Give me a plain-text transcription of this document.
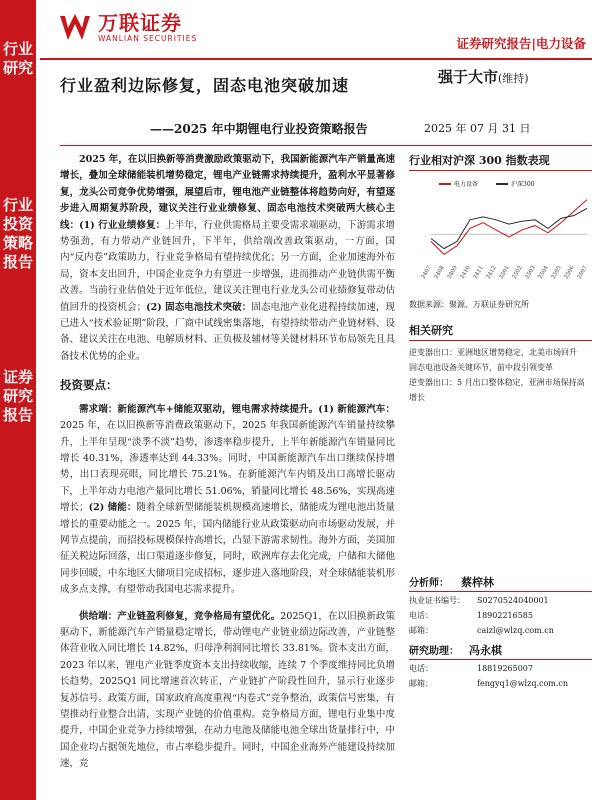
行业研究
行业投资策略报告
证券研究报告
万联证券
WANLIAN SECURITIES	证券研究报告|电力设备
行业盈利边际修复，固态电池突破加速
——2025 年中期锂电行业投资策略报告
强于大市(维持)
2025 年 07 月 31 日

2025 年，在以旧换新等消费激励政策驱动下，我国新能源汽车产销量高速增长，叠加全球储能装机增势稳定，锂电产业链需求持续提升，盈利水平显著修复，龙头公司竞争优势增强，展望后市，锂电池产业链整体将趋势向好，有望逐步进入周期复苏阶段，建议关注行业业绩修复、固态电池技术突破两大核心主线：(1) 行业业绩修复：上半年，行业供需格局主要受需求端驱动，下游需求增势强劲，有力带动产业链回升，下半年，供给端改善政策驱动，一方面，国内“反内卷”政策助力，行业竞争格局有望持续优化；另一方面，企业加速海外布局，资本支出回升，中国企业竞争力有望进一步增强，进而推动产业链供需平衡改善。当前行业估值处于近年低位，建议关注锂电行业龙头公司业绩修复带动估值回升的投资机会；(2) 固态电池技术突破：固态电池产业化进程持续加速，现已进入“技术验证期”阶段，厂商中试线密集落地，有望持续带动产业链材料、设备、建议关注在电池、电解质材料、正负极及辅材等关键材料环节布局领先且具备技术优势的企业。

投资要点：

需求端：新能源汽车+储能双驱动，锂电需求持续提升。(1) 新能源汽车：2025 年，在以旧换新等消费政策驱动下，2025 年我国新能源汽车销量持续攀升，上半年呈现“淡季不淡”趋势，渗透率稳步提升，上半年新能源汽车销量同比增长 40.31%，渗透率达到 44.33%。同时，中国新能源汽车出口继续保持增势，出口表现亮眼，同比增长 75.21%。在新能源汽车内销及出口高增长驱动下，上半年动力电池产量同比增长 51.06%，销量同比增长 48.56%，实现高速增长；(2) 储能：随着全球新型储能装机规模高速增长，储能成为锂电池出货量增长的重要动能之一。2025 年，国内储能行业从政策驱动向市场驱动发展，并网节点提前，而招投标规模保持高增长，凸显下游需求韧性。海外方面，美国加征关税边际回落，出口渠道逐步修复，同时，欧洲库存去化完成，户储和大储他同步回暖，中东地区大储项目完成招标，逐步进入落地阶段，对全球储能装机形成多点支撑，有望带动我国电芯需求提升。

供给端：产业链盈利修复，竞争格局有望优化。2025Q1，在以旧换新政策驱动下，新能源汽车产销量稳定增长，带动锂电产业链业绩边际改善，产业链整体营业收入同比增长 14.82%，归母净利润同比增长 33.81%。资本支出方面，2023 年以来，锂电产业链季度资本支出持续收缩，连续 7 个季度维持同比负增长趋势，2025Q1 同比增速首次转正，产业链扩产阶段性回升，显示行业逐步复苏信号。政策方面，国家政府高度重视“内卷式”竞争整治，政策信号密集，有望推动行业整合出清，实现产业链的价值重构。竞争格局方面，锂电行业集中度提升，中国企业竞争力持续增强，在动力电池及储能电池全球出货量排行中，中国企业均占据领先地位，市占率稳步提升。同时，中国企业海外产能建设持续加速，竞

行业相对沪深 300 指数表现
电力设备	沪深300
2407 2408 2409 2410 2411 2412 2501 2502 2503 2504 2505 2506 2507
数据来源：聚源、万联证券研究所
相关研究
逆变器出口：亚洲地区增势稳定，北美市场回升
固态电池设备关键环节，前中段引领变革
逆变器出口：5 月出口整体稳定，亚洲市场保持高增长
分析师：	蔡梓林
执业证书编号：	S0270524040001
电话：	18902216585
邮箱：	caizl@wlzq.com.cn
研究助理： 冯永棋
电话：	18819265007
邮箱：	fengyq1@wlzq.com.cn
